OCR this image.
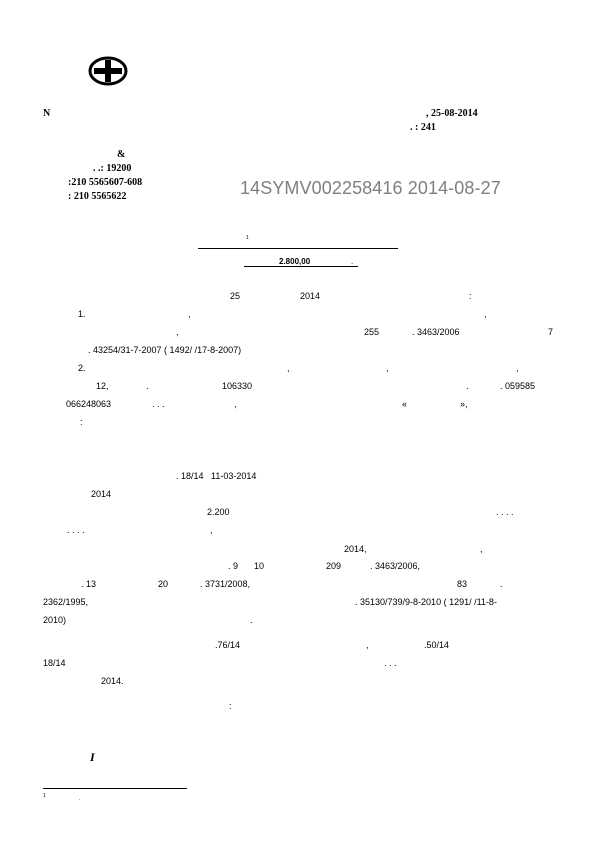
N	, 25-08-2014
. : 241
&
. .: 19200
:210 5565607-608
: 210 5565622	14SYMV002258416 2014-08-27
1
2.800,00	.
25	2014	:
1.	,	,
,	255	. 3463/2006	7
. 43254/31-7-2007 ( 1492/ /17-8-2007)
2.	,	,	,
12,	.	106330	.	. 059585
066248063	. . .	,	«	»,
:
. 18/14 11-03-2014
2014
2.200	. . . .
. . . .	,
2014,	,
. 9 10	209	. 3463/2006,
. 13	20	. 3731/2008,	83	.
2362/1995,	. 35130/739/9-8-2010 ( 1291/ /11-8-
2010)	.
.76/14	,	.50/14
18/14	. . .
2014.
:
I
1	.
